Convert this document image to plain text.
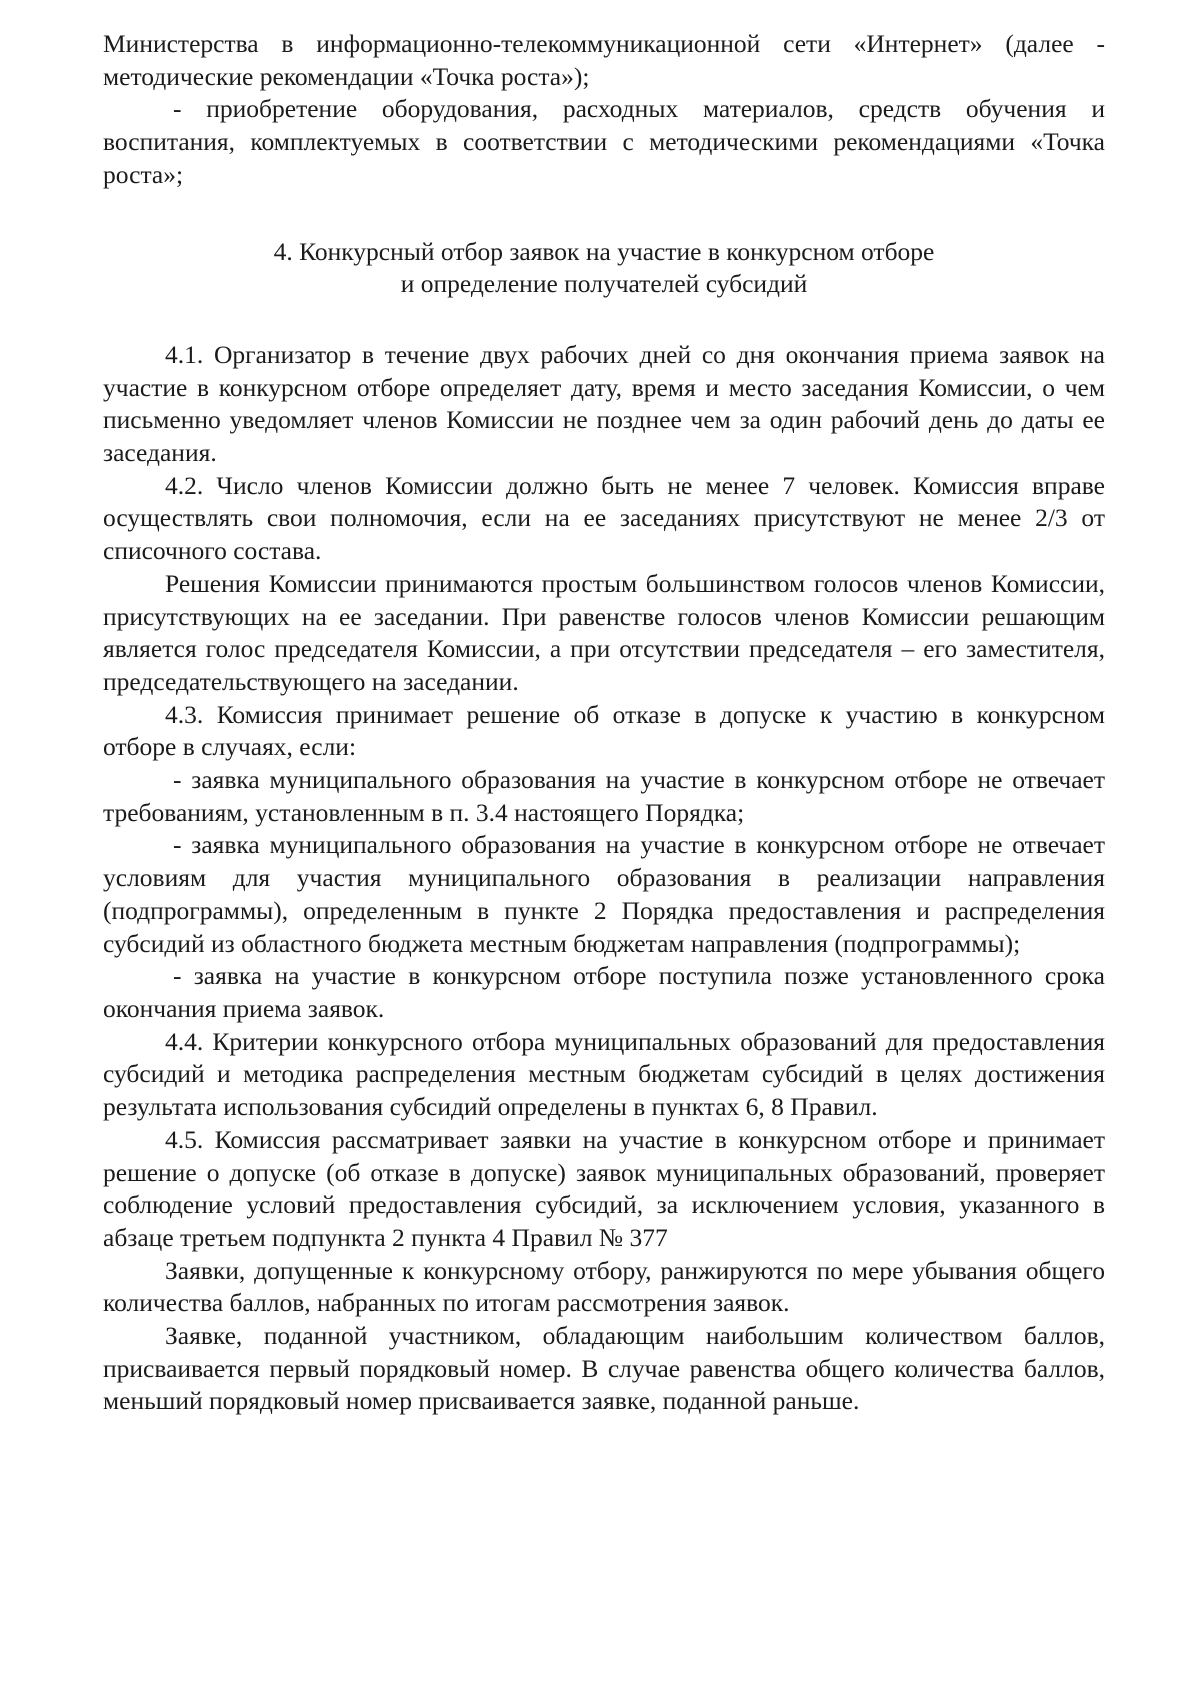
Министерства в информационно-телекоммуникационной сети «Интернет» (далее - методические рекомендации «Точка роста»);

- приобретение оборудования, расходных материалов, средств обучения и воспитания, комплектуемых в соответствии с методическими рекомендациями «Точка роста»;

4. Конкурсный отбор заявок на участие в конкурсном отборе
и определение получателей субсидий

4.1. Организатор в течение двух рабочих дней со дня окончания приема заявок на участие в конкурсном отборе определяет дату, время и место заседания Комиссии, о чем письменно уведомляет членов Комиссии не позднее чем за один рабочий день до даты ее заседания.

4.2. Число членов Комиссии должно быть не менее 7 человек. Комиссия вправе осуществлять свои полномочия, если на ее заседаниях присутствуют не менее 2/3 от списочного состава.

Решения Комиссии принимаются простым большинством голосов членов Комиссии, присутствующих на ее заседании. При равенстве голосов членов Комиссии решающим является голос председателя Комиссии, а при отсутствии председателя – его заместителя, председательствующего на заседании.

4.3. Комиссия принимает решение об отказе в допуске к участию в конкурсном отборе в случаях, если:

- заявка муниципального образования на участие в конкурсном отборе не отвечает требованиям, установленным в п. 3.4 настоящего Порядка;

- заявка муниципального образования на участие в конкурсном отборе не отвечает условиям для участия муниципального образования в реализации направления (подпрограммы), определенным в пункте 2 Порядка предоставления и распределения субсидий из областного бюджета местным бюджетам направления (подпрограммы);

- заявка на участие в конкурсном отборе поступила позже установленного срока окончания приема заявок.

4.4. Критерии конкурсного отбора муниципальных образований для предоставления субсидий и методика распределения местным бюджетам субсидий в целях достижения результата использования субсидий определены в пунктах 6, 8 Правил.

4.5. Комиссия рассматривает заявки на участие в конкурсном отборе и принимает решение о допуске (об отказе в допуске) заявок муниципальных образований, проверяет соблюдение условий предоставления субсидий, за исключением условия, указанного в абзаце третьем подпункта 2 пункта 4 Правил № 377

Заявки, допущенные к конкурсному отбору, ранжируются по мере убывания общего количества баллов, набранных по итогам рассмотрения заявок.

Заявке, поданной участником, обладающим наибольшим количеством баллов, присваивается первый порядковый номер. В случае равенства общего количества баллов, меньший порядковый номер присваивается заявке, поданной раньше.
